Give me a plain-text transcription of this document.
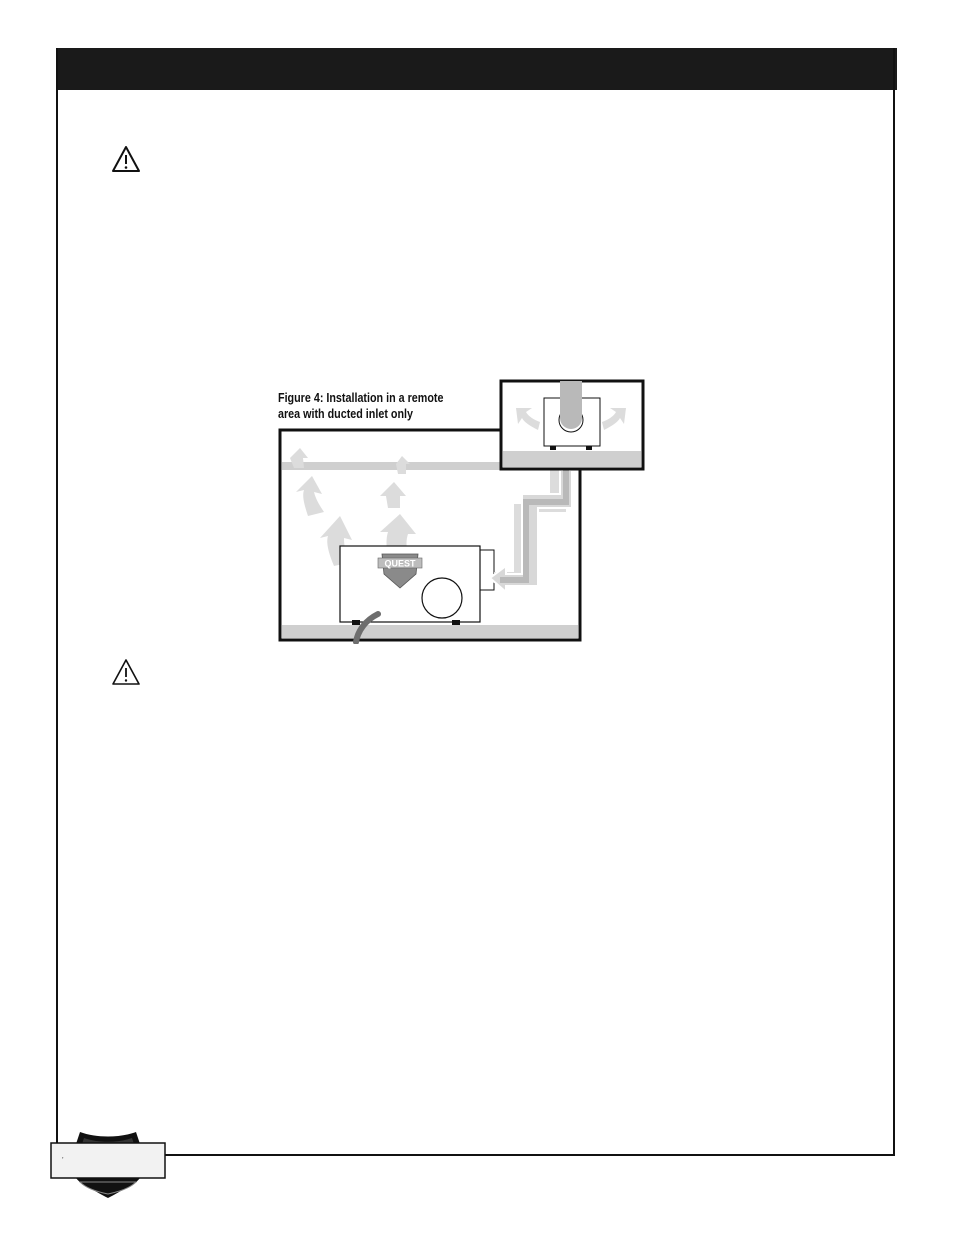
Figure 4: Installation in a remote
area with ducted inlet only
QUEST
’
